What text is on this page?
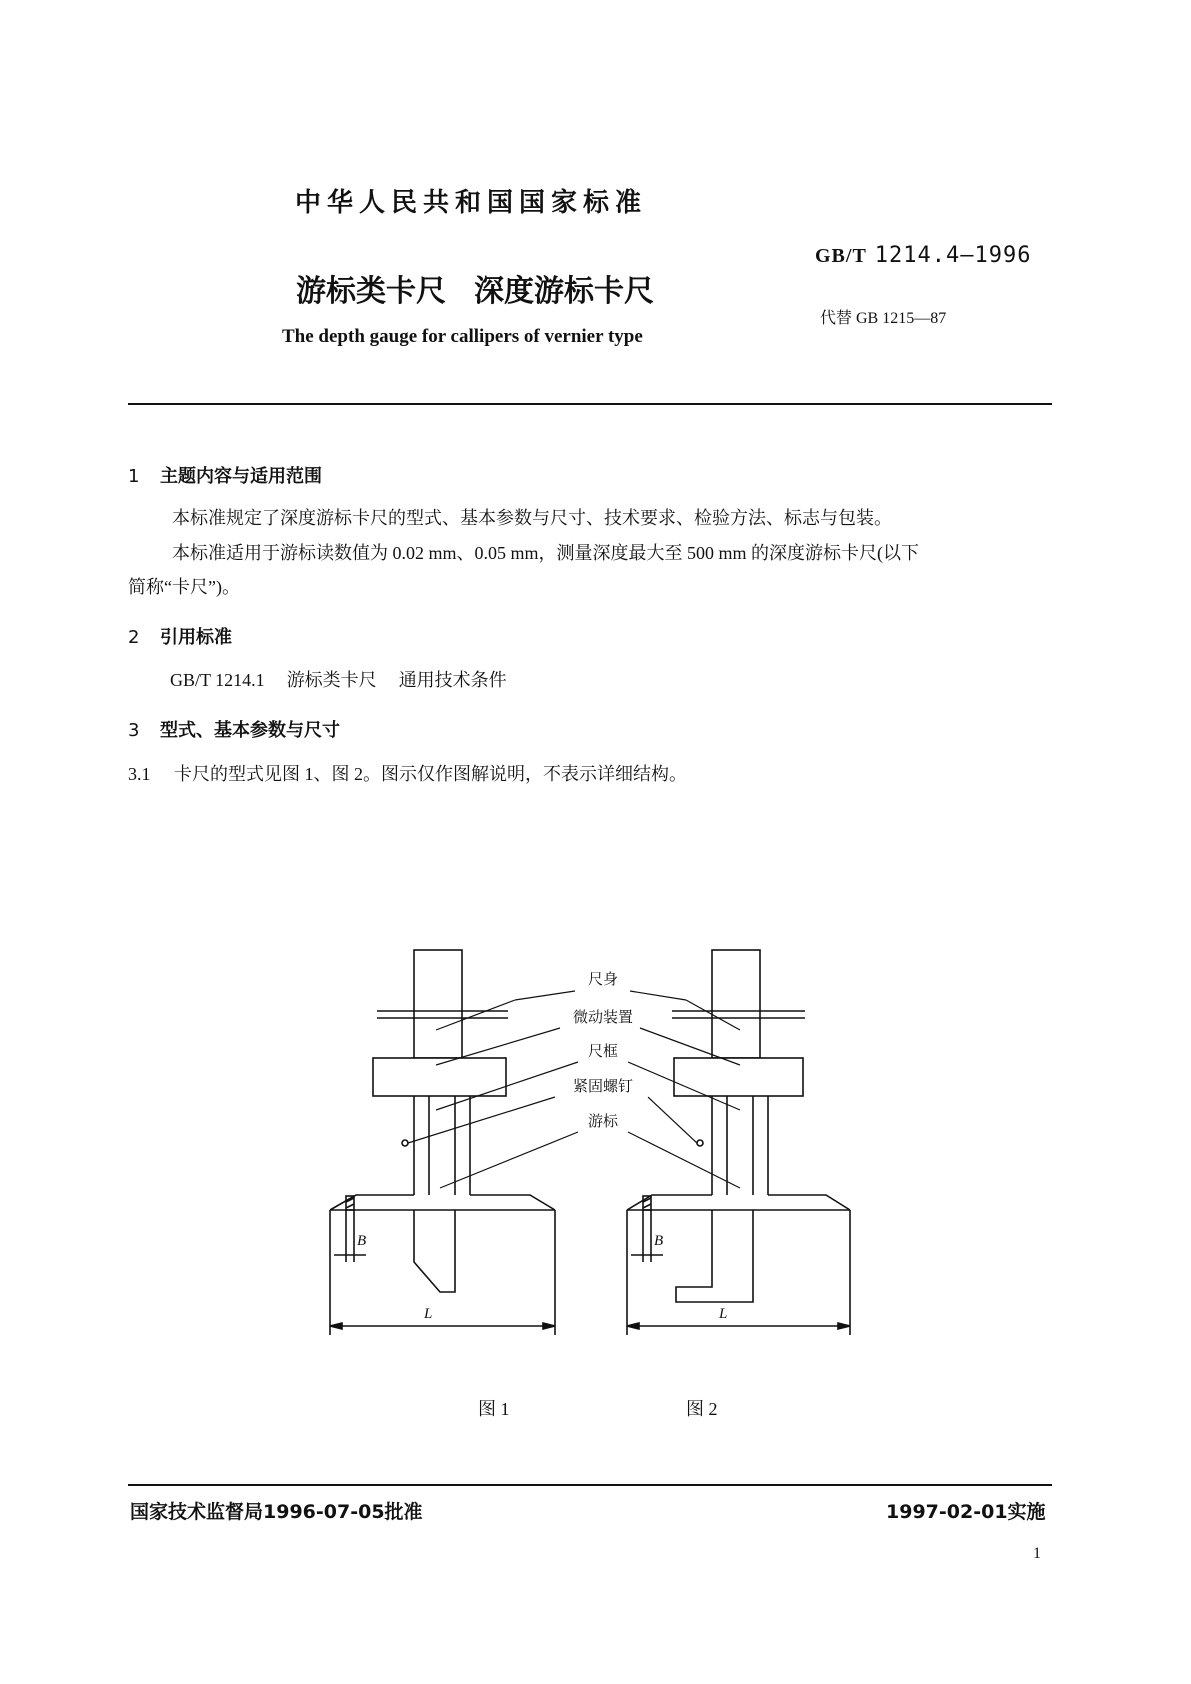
中华人民共和国国家标准
GB/T 1214.4—1996
游标类卡尺 深度游标卡尺
代替 GB 1215—87
The depth gauge for callipers of vernier type
1 主题内容与适用范围
本标准规定了深度游标卡尺的型式、基本参数与尺寸、技术要求、检验方法、标志与包装。
本标准适用于游标读数值为 0.02 mm、0.05 mm，测量深度最大至 500 mm 的深度游标卡尺(以下
简称“卡尺”)。
2 引用标准
GB/T 1214.1 游标类卡尺 通用技术条件
3 型式、基本参数与尺寸
3.1 卡尺的型式见图 1、图 2。图示仅作图解说明，不表示详细结构。
尺身
微动装置
尺框
紧固螺钉
游标
B
L
B
L
图 1	图 2
国家技术监督局1996-07-05批准	1997-02-01实施
1
